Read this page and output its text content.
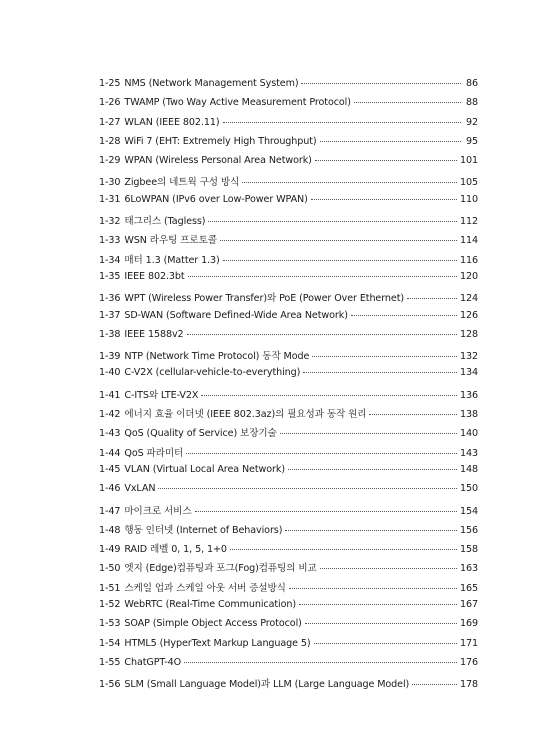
1-25 NMS (Network Management System)	86
1-26 TWAMP (Two Way Active Measurement Protocol)	88
1-27 WLAN (IEEE 802.11)	92
1-28 WiFi 7 (EHT: Extremely High Throughput)	95
1-29 WPAN (Wireless Personal Area Network)	101
1-30 Zigbee의 네트웍 구성 방식	105
1-31 6LoWPAN (IPv6 over Low-Power WPAN)	110
1-32 태그리스 (Tagless)	112
1-33 WSN 라우팅 프로토콜	114
1-34 매터 1.3 (Matter 1.3)	116
1-35 IEEE 802.3bt	120
1-36 WPT (Wireless Power Transfer)와 PoE (Power Over Ethernet)	124
1-37 SD-WAN (Software Defined-Wide Area Network)	126
1-38 IEEE 1588v2	128
1-39 NTP (Network Time Protocol) 동작 Mode	132
1-40 C-V2X (cellular-vehicle-to-everything)	134
1-41 C-ITS와 LTE-V2X	136
1-42 에너지 효율 이더넷 (IEEE 802.3az)의 필요성과 동작 원리	138
1-43 QoS (Quality of Service) 보장기술	140
1-44 QoS 파라미터	143
1-45 VLAN (Virtual Local Area Network)	148
1-46 VxLAN	150
1-47 마이크로 서비스	154
1-48 행동 인터넷 (Internet of Behaviors)	156
1-49 RAID 레벨 0, 1, 5, 1+0	158
1-50 엣지 (Edge)컴퓨팅과 포그(Fog)컴퓨팅의 비교	163
1-51 스케일 업과 스케일 아웃 서버 증설방식	165
1-52 WebRTC (Real-Time Communication)	167
1-53 SOAP (Simple Object Access Protocol)	169
1-54 HTML5 (HyperText Markup Language 5)	171
1-55 ChatGPT-4O	176
1-56 SLM (Small Language Model)과 LLM (Large Language Model)	178
